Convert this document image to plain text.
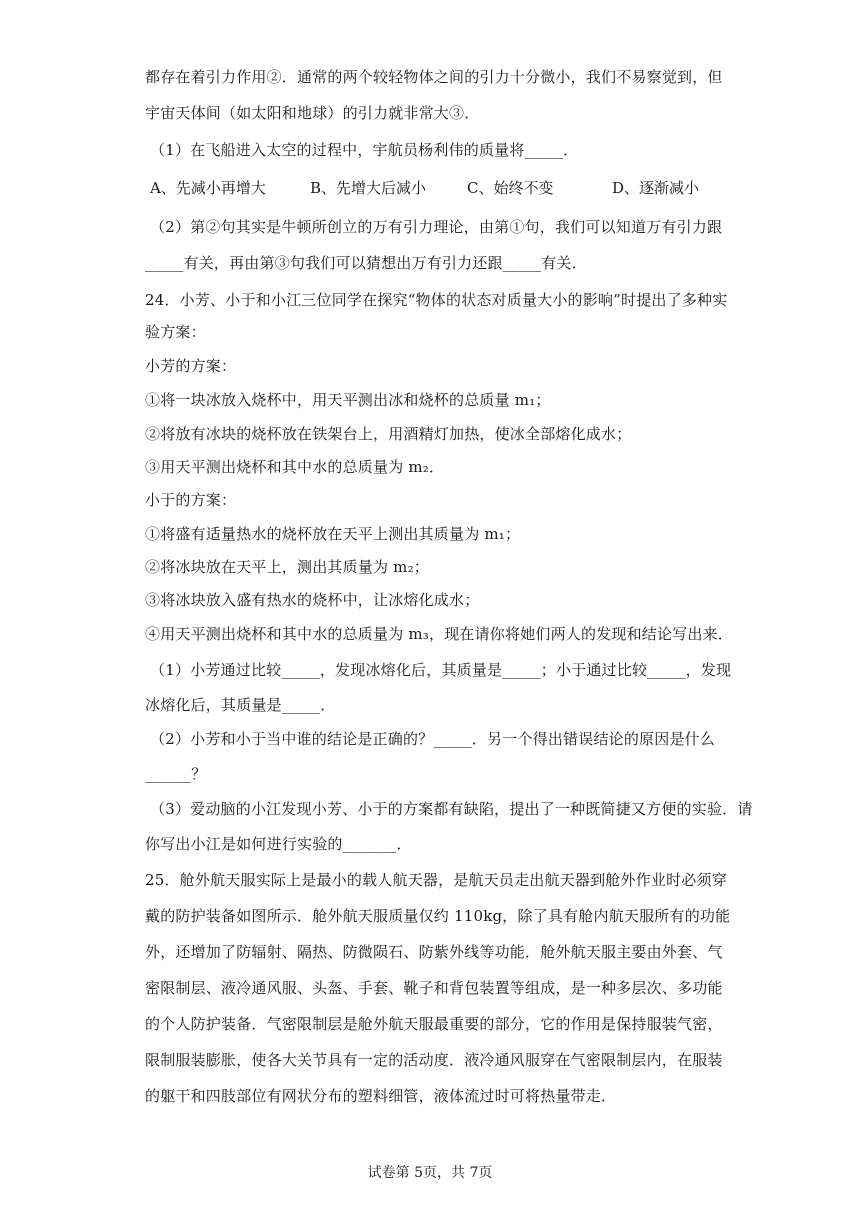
都存在着引力作用②．通常的两个较轻物体之间的引力十分微小，我们不易察觉到，但
宇宙天体间（如太阳和地球）的引力就非常大③．
（1）在飞船进入太空的过程中，宇航员杨利伟的质量将_____．
A、先减小再增大	B、先增大后减小	C、始终不变	D、逐渐减小
（2）第②句其实是牛顿所创立的万有引力理论，由第①句，我们可以知道万有引力跟
_____有关，再由第③句我们可以猜想出万有引力还跟_____有关．
24．小芳、小于和小江三位同学在探究“物体的状态对质量大小的影响”时提出了多种实
验方案：
小芳的方案：
①将一块冰放入烧杯中，用天平测出冰和烧杯的总质量 m₁；
②将放有冰块的烧杯放在铁架台上，用酒精灯加热，使冰全部熔化成水；
③用天平测出烧杯和其中水的总质量为 m₂．
小于的方案：
①将盛有适量热水的烧杯放在天平上测出其质量为 m₁；
②将冰块放在天平上，测出其质量为 m₂；
③将冰块放入盛有热水的烧杯中，让冰熔化成水；
④用天平测出烧杯和其中水的总质量为 m₃，现在请你将她们两人的发现和结论写出来．
（1）小芳通过比较_____，发现冰熔化后，其质量是_____；小于通过比较_____，发现
冰熔化后，其质量是_____．
（2）小芳和小于当中谁的结论是正确的？_____．另一个得出错误结论的原因是什么
______？
（3）爱动脑的小江发现小芳、小于的方案都有缺陷，提出了一种既简捷又方便的实验．请
你写出小江是如何进行实验的_______．
25．舱外航天服实际上是最小的载人航天器，是航天员走出航天器到舱外作业时必须穿
戴的防护装备如图所示．舱外航天服质量仅约 110kg，除了具有舱内航天服所有的功能
外，还增加了防辐射、隔热、防微陨石、防紫外线等功能．舱外航天服主要由外套、气
密限制层、液冷通风服、头盔、手套、靴子和背包装置等组成，是一种多层次、多功能
的个人防护装备．气密限制层是舱外航天服最重要的部分，它的作用是保持服装气密，
限制服装膨胀，使各大关节具有一定的活动度．液冷通风服穿在气密限制层内，在服装
的躯干和四肢部位有网状分布的塑料细管，液体流过时可将热量带走．
试卷第 5页，共 7页
